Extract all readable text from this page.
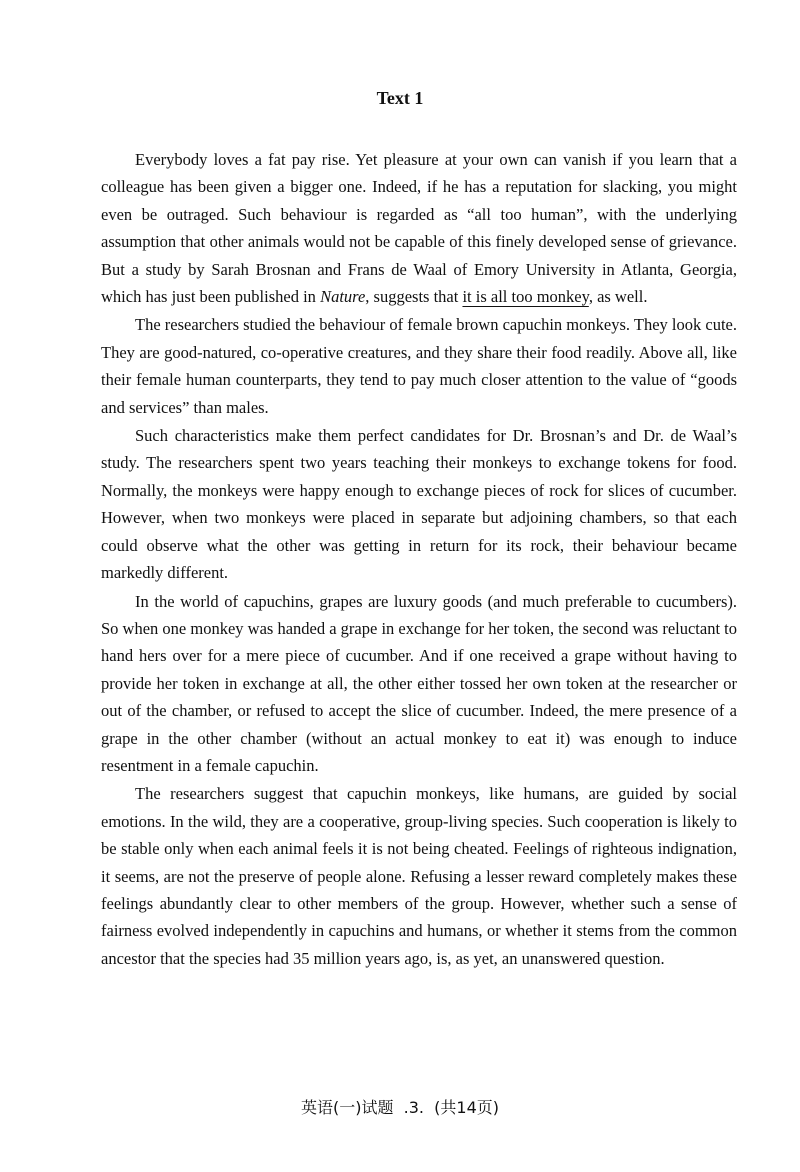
Text 1

Everybody loves a fat pay rise. Yet pleasure at your own can vanish if you learn that a colleague has been given a bigger one. Indeed, if he has a reputation for slacking, you might even be outraged. Such behaviour is regarded as “all too human”, with the underlying assumption that other animals would not be capable of this finely developed sense of grievance. But a study by Sarah Brosnan and Frans de Waal of Emory University in Atlanta, Georgia, which has just been published in Nature, suggests that it is all too monkey, as well.

The researchers studied the behaviour of female brown capuchin monkeys. They look cute. They are good-natured, co-operative creatures, and they share their food readily. Above all, like their female human counterparts, they tend to pay much closer attention to the value of “goods and services” than males.

Such characteristics make them perfect candidates for Dr. Brosnan’s and Dr. de Waal’s study. The researchers spent two years teaching their monkeys to exchange tokens for food. Normally, the monkeys were happy enough to exchange pieces of rock for slices of cucumber. However, when two monkeys were placed in separate but adjoining chambers, so that each could observe what the other was getting in return for its rock, their behaviour became markedly different.

In the world of capuchins, grapes are luxury goods (and much preferable to cucumbers). So when one monkey was handed a grape in exchange for her token, the second was reluctant to hand hers over for a mere piece of cucumber. And if one received a grape without having to provide her token in exchange at all, the other either tossed her own token at the researcher or out of the chamber, or refused to accept the slice of cucumber. Indeed, the mere presence of a grape in the other chamber (without an actual monkey to eat it) was enough to induce resentment in a female capuchin.

The researchers suggest that capuchin monkeys, like humans, are guided by social emotions. In the wild, they are a cooperative, group-living species. Such cooperation is likely to be stable only when each animal feels it is not being cheated. Feelings of righteous indignation, it seems, are not the preserve of people alone. Refusing a lesser reward completely makes these feelings abundantly clear to other members of the group. However, whether such a sense of fairness evolved independently in capuchins and humans, or whether it stems from the common ancestor that the species had 35 million years ago, is, as yet, an unanswered question.

英语(一)试题 .3. (共14页)
